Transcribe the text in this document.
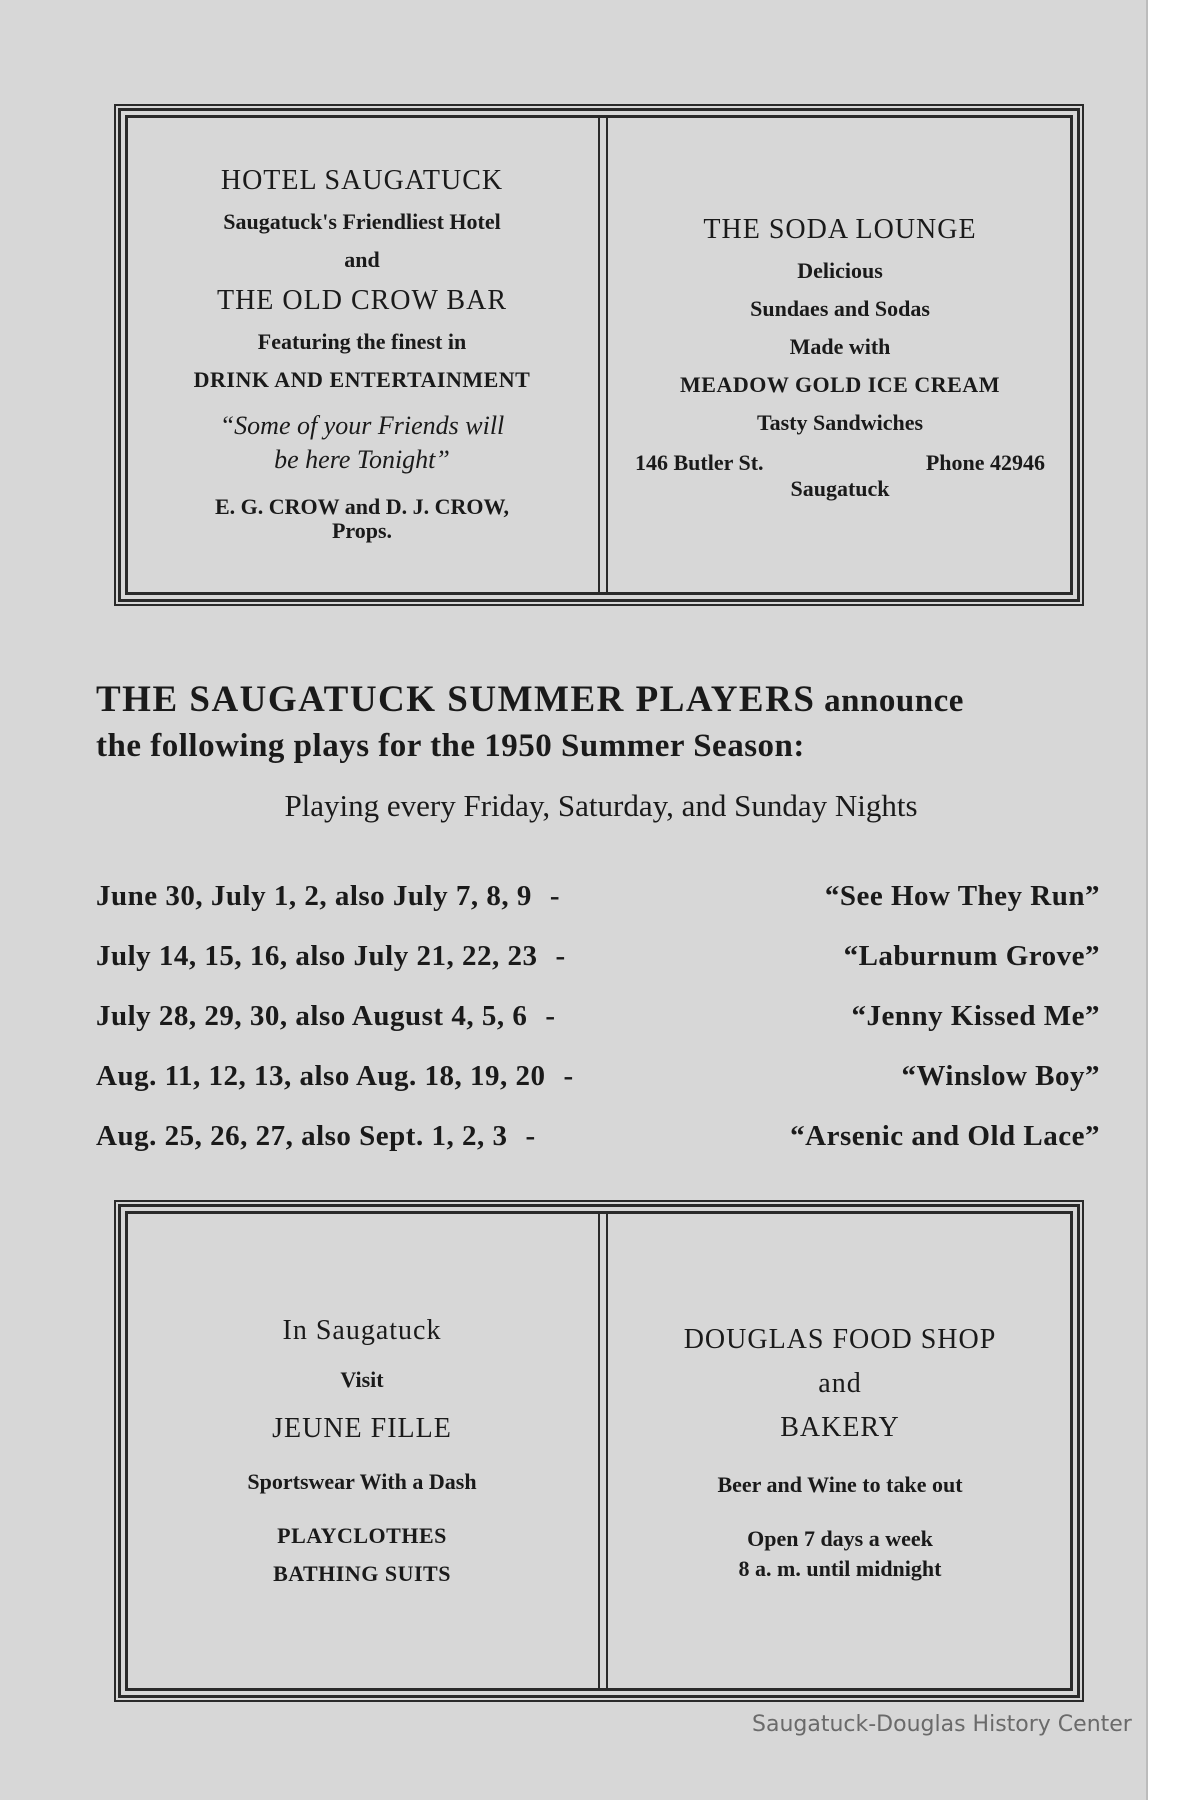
HOTEL SAUGATUCK
Saugatuck's Friendliest Hotel
and
THE OLD CROW BAR
Featuring the finest in
DRINK AND ENTERTAINMENT
“Some of your Friends will
be here Tonight”
E. G. CROW and D. J. CROW,
Props.
THE SODA LOUNGE
Delicious
Sundaes and Sodas
Made with
MEADOW GOLD ICE CREAM
Tasty Sandwiches
146 Butler St.	Phone 42946
Saugatuck
THE SAUGATUCK SUMMER PLAYERS announce
the following plays for the 1950 Summer Season:
Playing every Friday, Saturday, and Sunday Nights
June 30, July 1, 2, also July 7, 8, 9 -	“See How They Run”
July 14, 15, 16, also July 21, 22, 23 -	“Laburnum Grove”
July 28, 29, 30, also August 4, 5, 6 -	“Jenny Kissed Me”
Aug. 11, 12, 13, also Aug. 18, 19, 20 -	“Winslow Boy”
Aug. 25, 26, 27, also Sept. 1, 2, 3 -	“Arsenic and Old Lace”
In Saugatuck
Visit
JEUNE FILLE
Sportswear With a Dash
PLAYCLOTHES
BATHING SUITS
DOUGLAS FOOD SHOP
and
BAKERY
Beer and Wine to take out
Open 7 days a week
8 a. m. until midnight
Saugatuck-Douglas History Center
